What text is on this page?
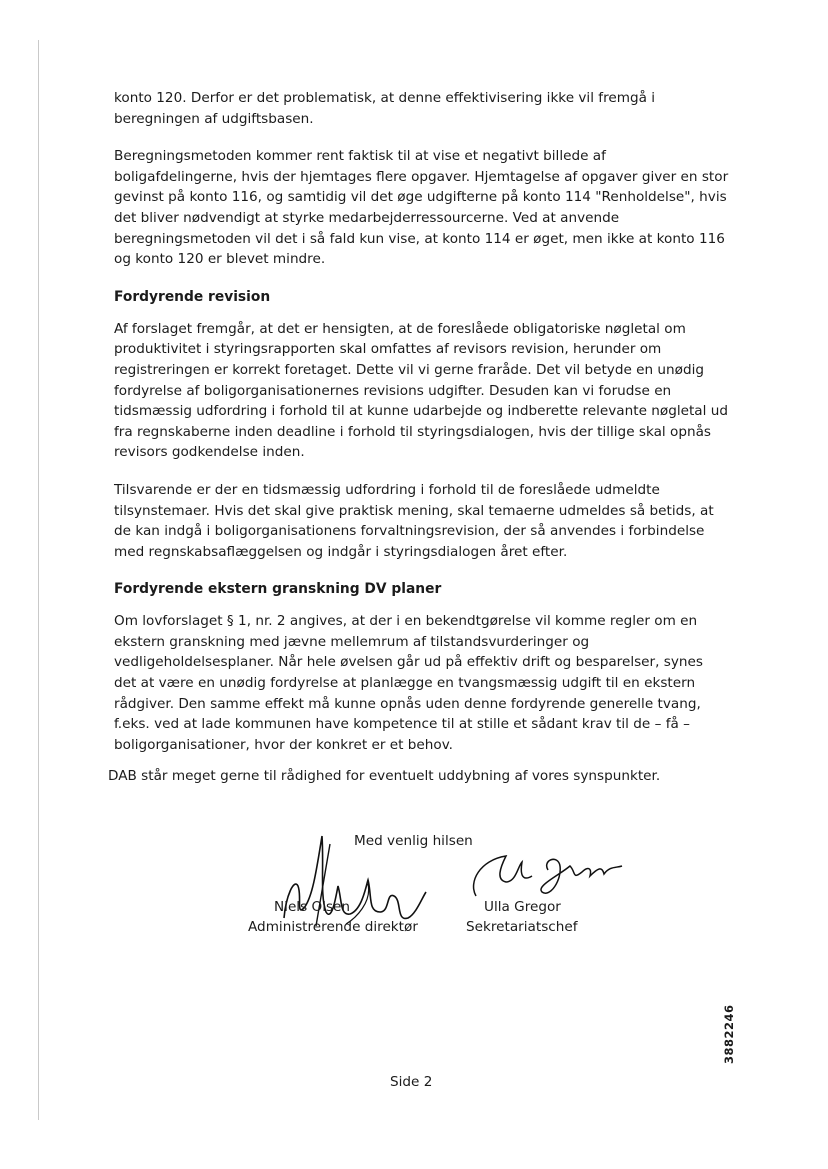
konto 120. Derfor er det problematisk, at denne effektivisering ikke vil fremgå i beregningen af udgiftsbasen.

Beregningsmetoden kommer rent faktisk til at vise et negativt billede af boligafdelingerne, hvis der hjemtages flere opgaver. Hjemtagelse af opgaver giver en stor gevinst på konto 116, og samtidig vil det øge udgifterne på konto 114 "Renholdelse", hvis det bliver nødvendigt at styrke medarbejderressourcerne. Ved at anvende beregningsmetoden vil det i så fald kun vise, at konto 114 er øget, men ikke at konto 116 og konto 120 er blevet mindre.

Fordyrende revision

Af forslaget fremgår, at det er hensigten, at de foreslåede obligatoriske nøgletal om produktivitet i styringsrapporten skal omfattes af revisors revision, herunder om registreringen er korrekt foretaget. Dette vil vi gerne fraråde. Det vil betyde en unødig fordyrelse af boligorganisationernes revisions udgifter. Desuden kan vi forudse en tidsmæssig udfordring i forhold til at kunne udarbejde og indberette relevante nøgletal ud fra regnskaberne inden deadline i forhold til styringsdialogen, hvis der tillige skal opnås revisors godkendelse inden.

Tilsvarende er der en tidsmæssig udfordring i forhold til de foreslåede udmeldte tilsynstemaer. Hvis det skal give praktisk mening, skal temaerne udmeldes så betids, at de kan indgå i boligorganisationens forvaltningsrevision, der så anvendes i forbindelse med regnskabsaflæggelsen og indgår i styringsdialogen året efter.

Fordyrende ekstern granskning DV planer

Om lovforslaget § 1, nr. 2 angives, at der i en bekendtgørelse vil komme regler om en ekstern granskning med jævne mellemrum af tilstandsvurderinger og vedligeholdelsesplaner. Når hele øvelsen går ud på effektiv drift og besparelser, synes det at være en unødig fordyrelse at planlægge en tvangsmæssig udgift til en ekstern rådgiver. Den samme effekt må kunne opnås uden denne fordyrende generelle tvang, f.eks. ved at lade kommunen have kompetence til at stille et sådant krav til de – få – boligorganisationer, hvor der konkret er et behov.

DAB står meget gerne til rådighed for eventuelt uddybning af vores synspunkter.
Med venlig hilsen
Niels Olsen
Administrerende direktør
Ulla Gregor
Sekretariatschef
Side 2
3882246
